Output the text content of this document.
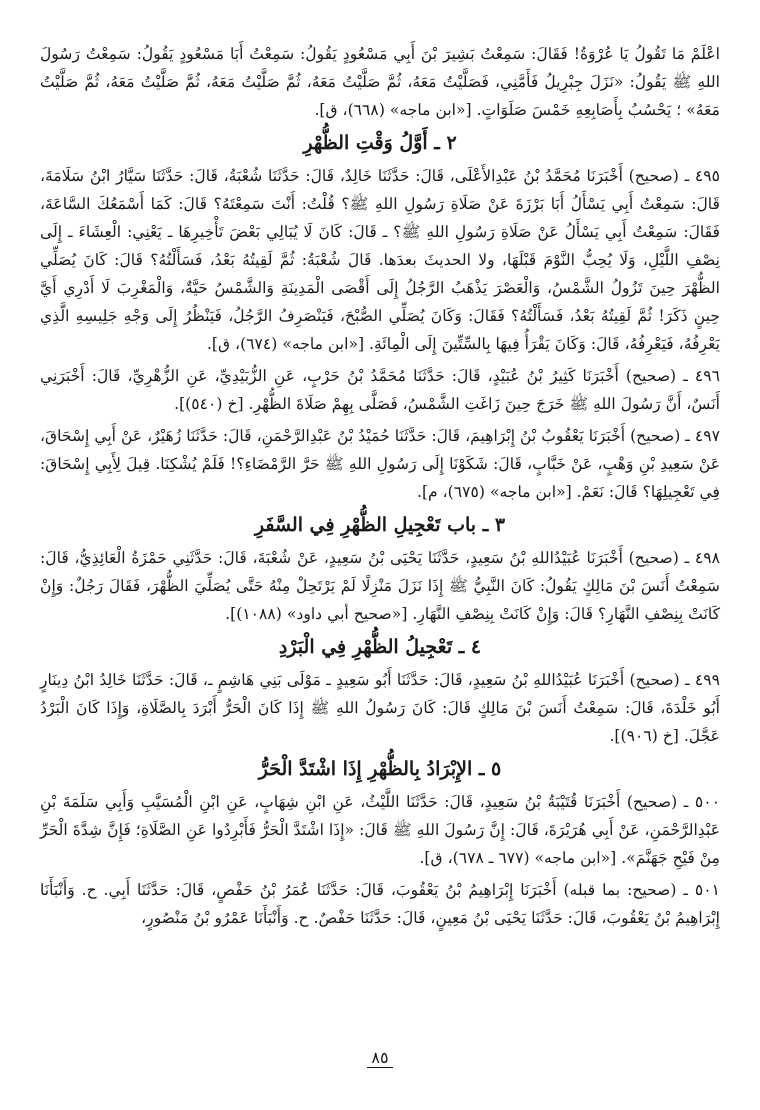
اعْلَمْ مَا تَقُولُ يَا عُرْوَةُ! فَقَالَ: سَمِعْتُ بَشِيرَ بْنَ أَبِي مَسْعُودٍ يَقُولُ: سَمِعْتُ أَبَا مَسْعُودٍ يَقُولُ: سَمِعْتُ رَسُولَ اللهِ ﷺ يَقُولُ: «نَزَلَ جِبْرِيلُ فَأَمَّنِي، فَصَلَّيْتُ مَعَهُ، ثُمَّ صَلَّيْتُ مَعَهُ، ثُمَّ صَلَّيْتُ مَعَهُ، ثُمَّ صَلَّيْتُ مَعَهُ، ثُمَّ صَلَّيْتُ مَعَهُ» ؛ يَحْسُبُ بِأَصَابِعِهِ خَمْسَ صَلَوَاتٍ. [«ابن ماجه» (٦٦٨)، ق].

٢ ـ أَوَّلُ وَقْتِ الظُّهْرِ

٤٩٥ ـ (صحيح) أَخْبَرَنَا مُحَمَّدُ بْنُ عَبْدِالأَعْلَى، قَالَ: حَدَّثَنَا خَالِدٌ، قَالَ: حَدَّثَنَا شُعْبَةُ، قَالَ: حَدَّثَنَا سَيَّارُ ابْنُ سَلَامَةَ، قَالَ: سَمِعْتُ أَبِي يَسْأَلُ أَبَا بَرْزَةَ عَنْ صَلَاةِ رَسُولِ اللهِ ﷺ؟ قُلْتُ: أَنْتَ سَمِعْتَهُ؟ قَالَ: كَمَا أَسْمَعُكَ السَّاعَةَ، فَقَالَ: سَمِعْتُ أَبِي يَسْأَلُ عَنْ صَلَاةِ رَسُولِ اللهِ ﷺ؟ ـ قَالَ: كَانَ لَا يُبَالِي بَعْضَ تَأْخِيرِهَا ـ يَعْنِي: الْعِشَاءَ ـ إِلَى نِصْفِ اللَّيْلِ، وَلَا يُحِبُّ النَّوْمَ قَبْلَهَا، ولا الحديثَ بعدَها. قَالَ شُعْبَةُ: ثُمَّ لَقِيتُهُ بَعْدُ، فَسَأَلْتُهُ؟ قَالَ: كَانَ يُصَلِّي الظُّهْرَ حِينَ تَزُولُ الشَّمْسُ، وَالْعَصْرَ يَذْهَبُ الرَّجُلُ إِلَى أَقْصَى الْمَدِينَةِ وَالشَّمْسُ حَيَّةٌ، وَالْمَغْرِبَ لَا أَدْرِي أَيَّ حِينٍ ذَكَرَ! ثُمَّ لَقِيتُهُ بَعْدُ، فَسَأَلْتُهُ؟ فَقَالَ: وَكَانَ يُصَلِّي الصُّبْحَ، فَيَنْصَرِفُ الرَّجُلُ، فَيَنْظُرُ إِلَى وَجْهِ جَلِيسِهِ الَّذِي يَعْرِفُهُ، فَيَعْرِفُهُ، قَالَ: وَكَانَ يَقْرَأُ فِيهَا بِالسِّتِّينَ إِلَى الْمِائَةِ. [«ابن ماجه» (٦٧٤)، ق].

٤٩٦ ـ (صحيح) أَخْبَرَنَا كَثِيرُ بْنُ عُبَيْدٍ، قَالَ: حَدَّثَنَا مُحَمَّدُ بْنُ حَرْبٍ، عَنِ الزُّبَيْدِيِّ، عَنِ الزُّهْرِيِّ، قَالَ: أَخْبَرَنِي أَنَسٌ، أَنَّ رَسُولَ اللهِ ﷺ خَرَجَ حِينَ زَاغَتِ الشَّمْسُ، فَصَلَّى بِهِمْ صَلَاةَ الظُّهْرِ. [خ (٥٤٠)].

٤٩٧ ـ (صحيح) أَخْبَرَنَا يَعْقُوبُ بْنُ إِبْرَاهِيمَ، قَالَ: حَدَّثَنَا حُمَيْدُ بْنُ عَبْدِالرَّحْمَنِ، قَالَ: حَدَّثَنَا زُهَيْرٌ، عَنْ أَبِي إِسْحَاقَ، عَنْ سَعِيدِ بْنِ وَهْبٍ، عَنْ خَبَّابٍ، قَالَ: شَكَوْنَا إِلَى رَسُولِ اللهِ ﷺ حَرَّ الرَّمْضَاءِ؟! فَلَمْ يُشْكِنَا. قِيلَ لِأَبِي إِسْحَاقَ: فِي تَعْجِيلِهَا؟ قَالَ: نَعَمْ. [«ابن ماجه» (٦٧٥)، م].

٣ ـ باب تَعْجِيلِ الظُّهْرِ فِي السَّفَرِ

٤٩٨ ـ (صحيح) أَخْبَرَنَا عُبَيْدُاللهِ بْنُ سَعِيدٍ، حَدَّثَنَا يَحْيَى بْنُ سَعِيدٍ، عَنْ شُعْبَةَ، قَالَ: حَدَّثَنِي حَمْزَةُ الْعَائِذِيُّ، قَالَ: سَمِعْتُ أَنَسَ بْنَ مَالِكٍ يَقُولُ: كَانَ النَّبِيُّ ﷺ إِذَا نَزَلَ مَنْزِلًا لَمْ يَرْتَحِلْ مِنْهُ حَتَّى يُصَلِّيَ الظُّهْرَ، فَقَالَ رَجُلٌ: وَإِنْ كَانَتْ بِنِصْفِ النَّهَارِ؟ قَالَ: وَإِنْ كَانَتْ بِنِصْفِ النَّهَارِ. [«صحيح أبي داود» (١٠٨٨)].

٤ ـ تَعْجِيلُ الظُّهْرِ فِي الْبَرْدِ

٤٩٩ ـ (صحيح) أَخْبَرَنَا عُبَيْدُاللهِ بْنُ سَعِيدٍ، قَالَ: حَدَّثَنَا أَبُو سَعِيدٍ ـ مَوْلَى بَنِي هَاشِمٍ ـ، قَالَ: حَدَّثَنَا خَالِدُ ابْنُ دِينَارٍ أَبُو خَلْدَةَ، قَالَ: سَمِعْتُ أَنَسَ بْنَ مَالِكٍ قَالَ: كَانَ رَسُولُ اللهِ ﷺ إِذَا كَانَ الْحَرُّ أَبْرَدَ بِالصَّلَاةِ، وَإِذَا كَانَ الْبَرْدُ عَجَّلَ. [خ (٩٠٦)].

٥ ـ الإِبْرَادُ بِالظُّهْرِ إِذَا اشْتَدَّ الْحَرُّ

٥٠٠ ـ (صحيح) أَخْبَرَنَا قُتَيْبَةُ بْنُ سَعِيدٍ، قَالَ: حَدَّثَنَا اللَّيْثُ، عَنِ ابْنِ شِهَابٍ، عَنِ ابْنِ الْمُسَيَّبِ وَأَبِي سَلَمَةَ بْنِ عَبْدِالرَّحْمَنِ، عَنْ أَبِي هُرَيْرَةَ، قَالَ: إِنَّ رَسُولَ اللهِ ﷺ قَالَ: «إِذَا اشْتَدَّ الْحَرُّ فَأَبْرِدُوا عَنِ الصَّلَاةِ؛ فَإِنَّ شِدَّةَ الْحَرِّ مِنْ فَيْحِ جَهَنَّمَ». [«ابن ماجه» (٦٧٧ ـ ٦٧٨)، ق].

٥٠١ ـ (صحيح: بما قبله) أَخْبَرَنَا إِبْرَاهِيمُ بْنُ يَعْقُوبَ، قَالَ: حَدَّثَنَا عُمَرُ بْنُ حَفْصٍ، قَالَ: حَدَّثَنَا أَبِي. ح. وَأَنْبَأَنَا إِبْرَاهِيمُ بْنُ يَعْقُوبَ، قَالَ: حَدَّثَنَا يَحْيَى بْنُ مَعِينٍ، قَالَ: حَدَّثَنَا حَفْصٌ. ح. وَأَنْبَأَنَا عَمْرُو بْنُ مَنْصُورٍ،

٨٥
